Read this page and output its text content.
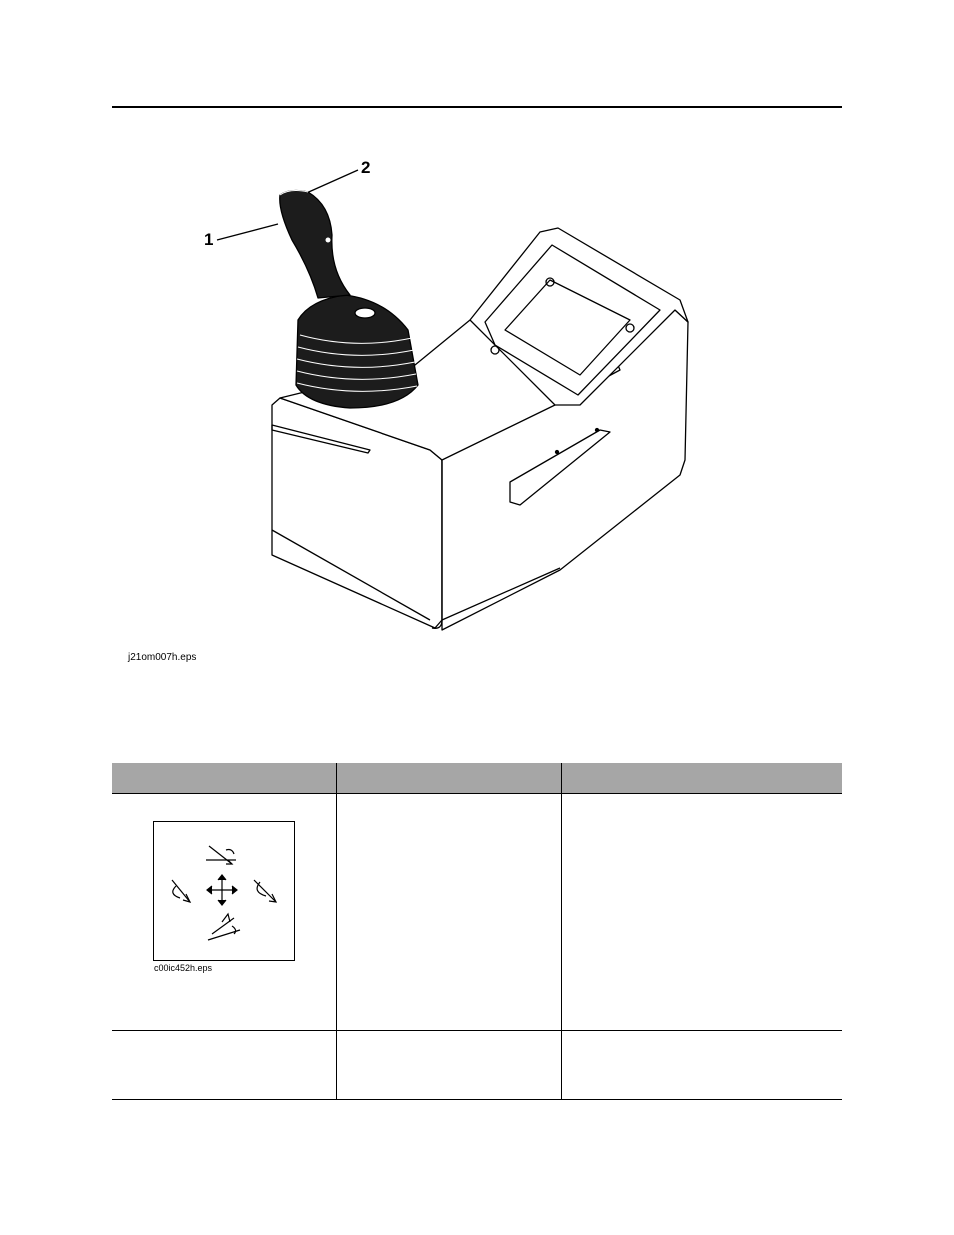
1
2
j21om007h.eps

c00ic452h.eps		
